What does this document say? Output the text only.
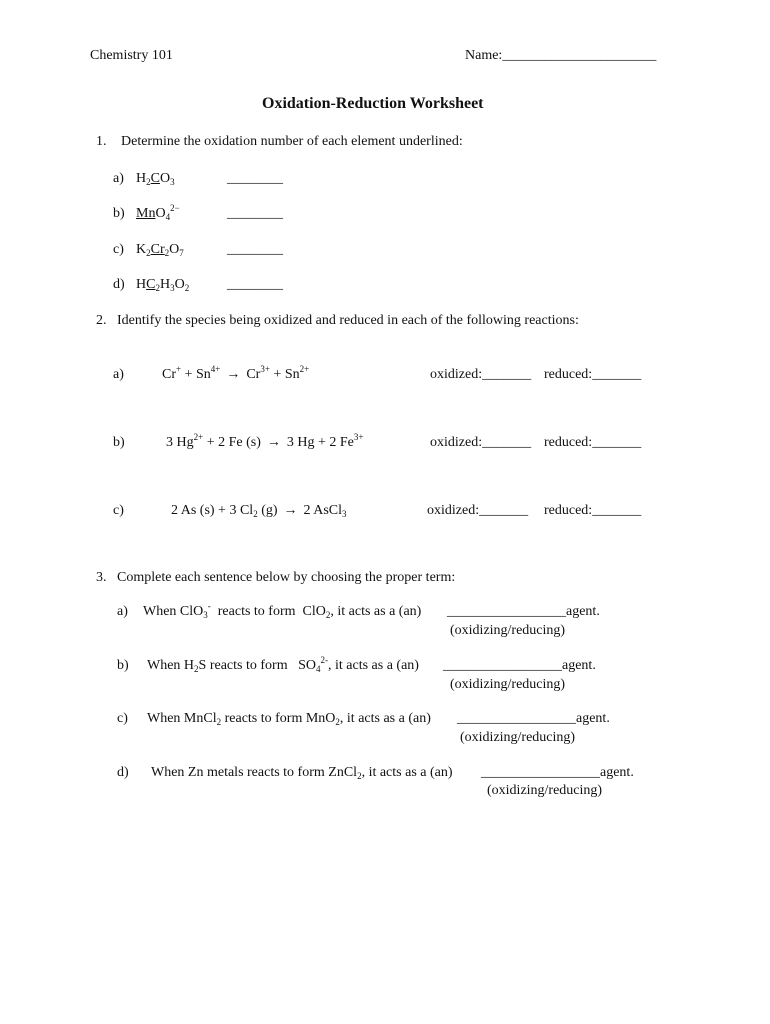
Chemistry 101	Name:______________________
Oxidation-Reduction Worksheet
1. Determine the oxidation number of each element underlined:
a) $H_2CO_3$	________
b) MnO$_4^{2-}$	________
c) $K_2Cr_2O_7$	________
d) $HC_2H_3O_2$	________
2. Identify the species being oxidized and reduced in each of the following reactions:
a)	$Cr^+ + Sn^{4+} \to Cr^{3+} + Sn^{2+}$	oxidized:_______ reduced:_______
b)	3 $Hg^{2+} + 2$ Fe (s) → 3 Hg + 2 $Fe^{3+}$	oxidized:_______ reduced:_______
c)	2 As (s) + 3 $Cl_2$ (g) → 2 AsCl$_3$	oxidized:_______ reduced:_______
3. Complete each sentence below by choosing the proper term:
a) When ClO$_3$-  reacts to form  ClO$_2$, it acts as a (an) _________________agent.
(oxidizing/reducing)
b) When $H_2S$ reacts to form   $SO_4^{2-}$, it acts as a (an) _________________agent.
(oxidizing/reducing)
c) When MnCl$_2$ reacts to form MnO$_2$, it acts as a (an) _________________agent.
(oxidizing/reducing)
d) When Zn metals reacts to form ZnCl$_2$, it acts as a (an) _________________agent.
(oxidizing/reducing)
